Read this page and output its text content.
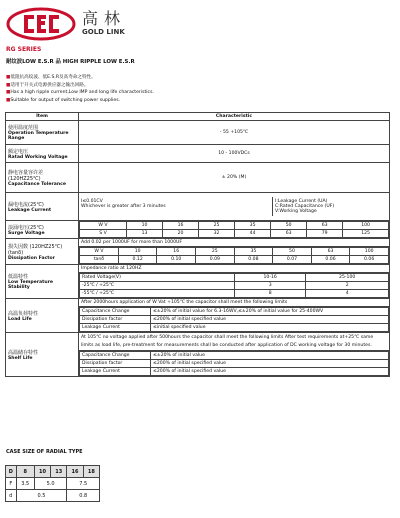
高林
GOLD LINK
RG SERIES
耐纹波LOW E.S.R 品 HIGH RIPPLE LOW E.S.R
■低阻抗高纹波、低E.S.R及高寿命之特性。
■适用于开关式电源供应器之输出回路。
■Has a high ripple current,Low IMP and long life characteristics.
■Suitable for output of switching power supplies.
Item	Characteristic

使用温度范围
Operation Temperature Range
	- 55 +105℃

额定电压
Ratad Working Voltage
	10 - 100VDCs

静电容量容许差 (120HZ25℃)
Capacitance Tolerance
	± 20% (M)

漏电电流(25℃)
Leakage Current

I≤0.01CV
Whichever is greater after 3 minutes
I:Leakage Current (UA)
C:Rated Capacitance (UF)
V:Working Voltage

浪涌电压(25℃)
Surge Voltage

W V	10	16	25	35	50	63	100
S V	13	20	32	44	63	79	125

损失因数 (120HZ25℃)
(tanδ)
Dissipation Factor

Add 0.02 per 1000UF for more than 1000UF
W V	10	16	25	35	50	63	100
tanδ	0.12	0.10	0.09	0.08	0.07	0.06	0.06

低温特性
Low Temperature Stability

Impedance ratio at 120HZ
Rated Voltage(V)	10-16	25-100
-25℃ / +25℃	3	2
-55℃ / +25℃	8	4

高温负荷特性
Load Life

After 2000hours application of W Vat +105℃ the capacitor shall meet the following limits
Capacitance Change	≤±20% of initial value for 6.3-16WV,≤±20% of initial value for 25-400WV
Dissipation factor	≤200% of initial specified value
Leakage Current	≤initial specified value

高温储存特性
Shelf Life

At 105℃ no voltage applied after 500hours the capacitor shall meet the following limits After test requirements at+25℃ same limits as load life, pre-treatment for measurements shall be conducted after application of DC working voltage for 30 minutes.
Capacitance Change	≤±20% of initial value
Dissipation factor	≤200% of initial specified value
Leakage Current	≤200% of initial specified value
CASE SIZE OF RADIAL TYPE
D	8	10	13	16	18
F	3.5	5.0		7.5	
d	0.5			0.8	
